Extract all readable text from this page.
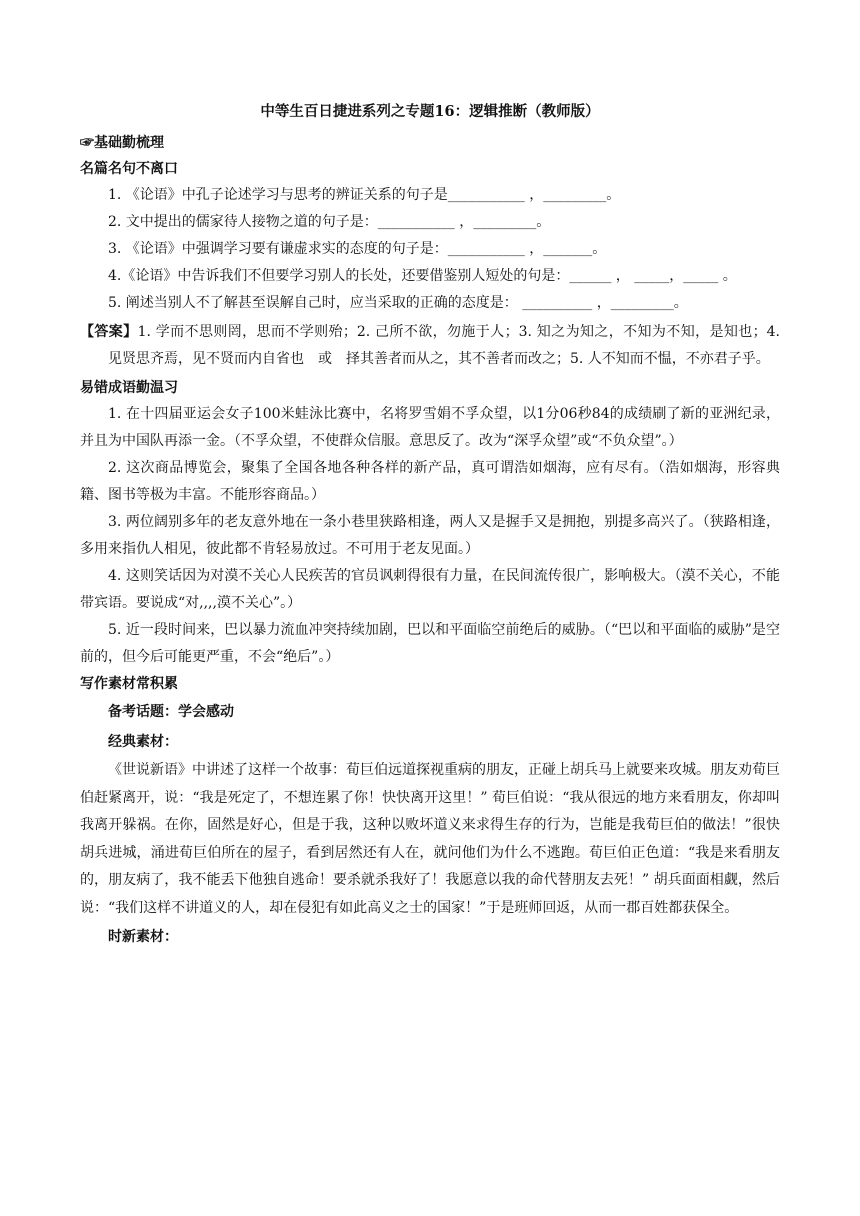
中等生百日捷进系列之专题16：逻辑推断（教师版）

☞基础勤梳理

名篇名句不离口

1. 《论语》中孔子论述学习与思考的辨证关系的句子是___________ ，_________。

2. 文中提出的儒家待人接物之道的句子是：___________ ，_________。

3. 《论语》中强调学习要有谦虚求实的态度的句子是：___________ ，_______。

4.《论语》中告诉我们不但要学习别人的长处，还要借鉴别人短处的句是：______ ， _____，_____ 。

5. 阐述当别人不了解甚至误解自己时，应当采取的正确的态度是： __________ ，_________。

【答案】1. 学而不思则罔，思而不学则殆；2. 己所不欲，勿施于人；3. 知之为知之，不知为不知，是知也；4. 见贤思齐焉，见不贤而内自省也　或　择其善者而从之，其不善者而改之；5. 人不知而不愠，不亦君子乎。

易错成语勤温习

1. 在十四届亚运会女子100米蛙泳比赛中，名将罗雪娟不孚众望，以1分06秒84的成绩刷了新的亚洲纪录，并且为中国队再添一金。（不孚众望，不使群众信服。意思反了。改为“深孚众望”或“不负众望”。）

2. 这次商品博览会，聚集了全国各地各种各样的新产品，真可谓浩如烟海，应有尽有。（浩如烟海，形容典籍、图书等极为丰富。不能形容商品。）

3. 两位阔别多年的老友意外地在一条小巷里狭路相逢，两人又是握手又是拥抱，别提多高兴了。（狭路相逢，多用来指仇人相见，彼此都不肯轻易放过。不可用于老友见面。）

4. 这则笑话因为对漠不关心人民疾苦的官员讽刺得很有力量，在民间流传很广，影响极大。（漠不关心，不能带宾语。要说成“对,,,,漠不关心”。）

5. 近一段时间来，巴以暴力流血冲突持续加剧，巴以和平面临空前绝后的威胁。（“巴以和平面临的威胁”是空前的，但今后可能更严重，不会“绝后”。）

写作素材常积累

备考话题：学会感动

经典素材：

《世说新语》中讲述了这样一个故事：荀巨伯远道探视重病的朋友，正碰上胡兵马上就要来攻城。朋友劝荀巨伯赶紧离开，说：“我是死定了，不想连累了你！快快离开这里！” 荀巨伯说：“我从很远的地方来看朋友，你却叫我离开躲祸。在你，固然是好心，但是于我，这种以败坏道义来求得生存的行为，岂能是我荀巨伯的做法！”很快胡兵进城，涌进荀巨伯所在的屋子，看到居然还有人在，就问他们为什么不逃跑。荀巨伯正色道：“我是来看朋友的，朋友病了，我不能丢下他独自逃命！要杀就杀我好了！我愿意以我的命代替朋友去死！” 胡兵面面相觑，然后说：“我们这样不讲道义的人，却在侵犯有如此高义之士的国家！”于是班师回返，从而一郡百姓都获保全。

时新素材：
